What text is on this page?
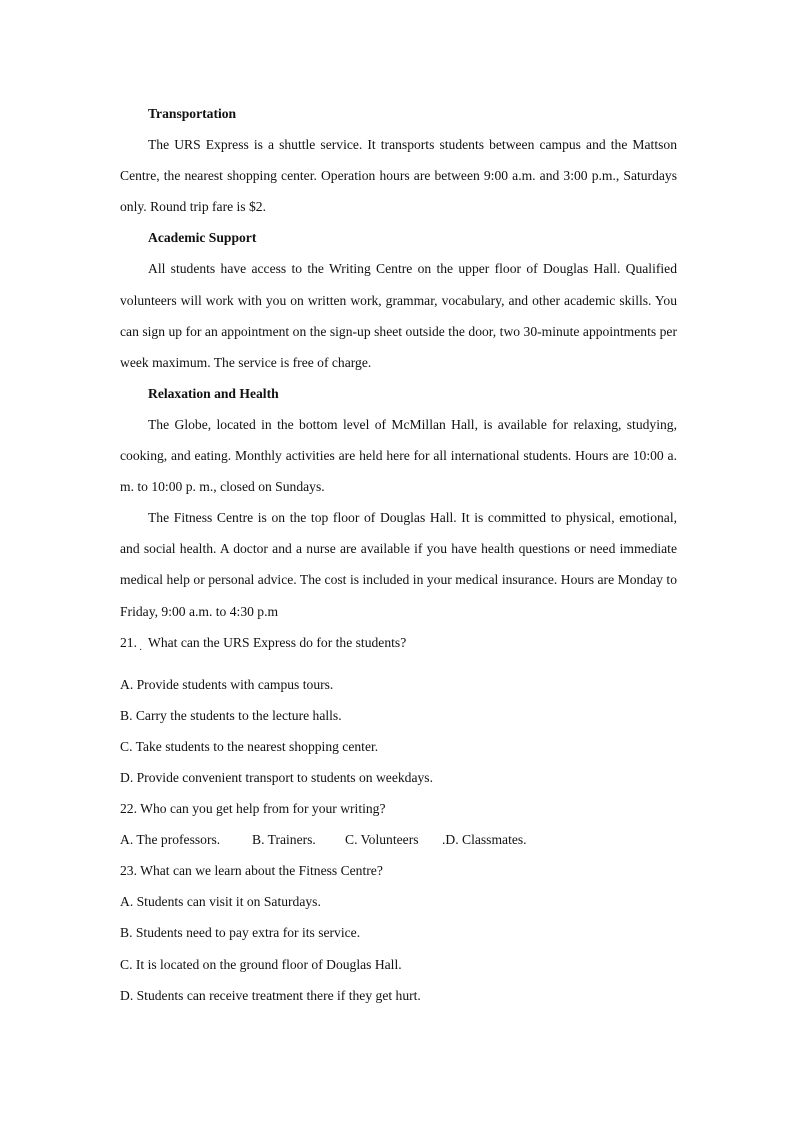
Transportation

The URS Express is a shuttle service. It transports students between campus and the Mattson Centre, the nearest shopping center. Operation hours are between 9:00 a.m. and 3:00 p.m., Saturdays only. Round trip fare is $2.

Academic Support

All students have access to the Writing Centre on the upper floor of Douglas Hall. Qualified volunteers will work with you on written work, grammar, vocabulary, and other academic skills. You can sign up for an appointment on the sign-up sheet outside the door, two 30-minute appointments per week maximum. The service is free of charge.

Relaxation and Health

The Globe, located in the bottom level of McMillan Hall, is available for relaxing, studying, cooking, and eating. Monthly activities are held here for all international students. Hours are 10:00 a. m. to 10:00 p. m., closed on Sundays.

The Fitness Centre is on the top floor of Douglas Hall. It is committed to physical, emotional, and social health. A doctor and a nurse are available if you have health questions or need immediate medical help or personal advice. The cost is included in your medical insurance. Hours are Monday to Friday, 9:00 a.m. to 4:30 p.m

21. What can the URS Express do for the students?
·

A. Provide students with campus tours.

B. Carry the students to the lecture halls.

C. Take students to the nearest shopping center.

D. Provide convenient transport to students on weekdays.

22. Who can you get help from for your writing?

A. The professors. B. Trainers. C. Volunteers .D. Classmates.

23. What can we learn about the Fitness Centre?

A. Students can visit it on Saturdays.

B. Students need to pay extra for its service.

C. It is located on the ground floor of Douglas Hall.

D. Students can receive treatment there if they get hurt.
